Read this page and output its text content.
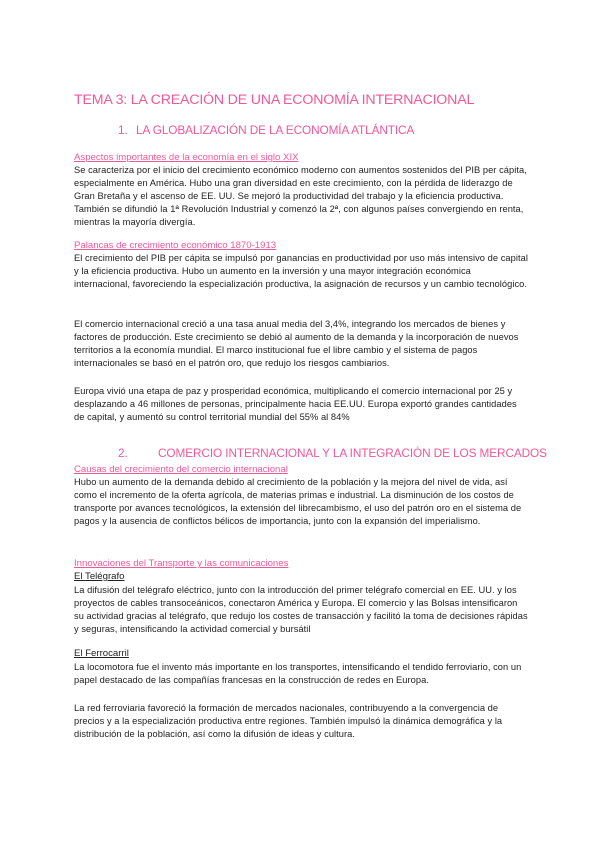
TEMA 3: LA CREACIÓN DE UNA ECONOMÍA INTERNACIONAL
1. LA GLOBALIZACIÓN DE LA ECONOMÍA ATLÁNTICA
Aspectos importantes de la economía en el siglo XIX
Se caracteriza por el inicio del crecimiento económico moderno con aumentos sostenidos del PIB per cápita, especialmente en América. Hubo una gran diversidad en este crecimiento, con la pérdida de liderazgo de Gran Bretaña y el ascenso de EE. UU. Se mejoró la productividad del trabajo y la eficiencia productiva. También se difundió la 1ª Revolución Industrial y comenzó la 2ª, con algunos países convergiendo en renta, mientras la mayoría divergía.
Palancas de crecimiento económico 1870-1913
El crecimiento del PIB per cápita se impulsó por ganancias en productividad por uso más intensivo de capital y la eficiencia productiva. Hubo un aumento en la inversión y una mayor integración económica internacional, favoreciendo la especialización productiva, la asignación de recursos y un cambio tecnológico.
El comercio internacional creció a una tasa anual media del 3,4%, integrando los mercados de bienes y factores de producción. Este crecimiento se debió al aumento de la demanda y la incorporación de nuevos territorios a la economía mundial. El marco institucional fue el libre cambio y el sistema de pagos internacionales se basó en el patrón oro, que redujo los riesgos cambiarios.
Europa vivió una etapa de paz y prosperidad económica, multiplicando el comercio internacional por 25 y desplazando a 46 millones de personas, principalmente hacia EE.UU. Europa exportó grandes cantidades de capital, y aumentó su control territorial mundial del 55% al 84%
2.	COMERCIO INTERNACIONAL Y LA INTEGRACIÓN DE LOS MERCADOS
Causas del crecimiento del comercio internacional
Hubo un aumento de la demanda debido al crecimiento de la población y la mejora del nivel de vida, así como el incremento de la oferta agrícola, de materias primas e industrial. La disminución de los costos de transporte por avances tecnológicos, la extensión del librecambismo, el uso del patrón oro en el sistema de pagos y la ausencia de conflictos bélicos de importancia, junto con la expansión del imperialismo.
Innovaciones del Transporte y las comunicaciones
El Telégrafo
La difusión del telégrafo eléctrico, junto con la introducción del primer telégrafo comercial en EE. UU. y los proyectos de cables transoceánicos, conectaron América y Europa. El comercio y las Bolsas intensificaron su actividad gracias al telégrafo, que redujo los costes de transacción y facilitó la toma de decisiones rápidas y seguras, intensificando la actividad comercial y bursátil
El Ferrocarril
La locomotora fue el invento más importante en los transportes, intensificando el tendido ferroviario, con un papel destacado de las compañías francesas en la construcción de redes en Europa.
La red ferroviaria favoreció la formación de mercados nacionales, contribuyendo a la convergencia de precios y a la especialización productiva entre regiones. También impulsó la dinámica demográfica y la distribución de la población, así como la difusión de ideas y cultura.
